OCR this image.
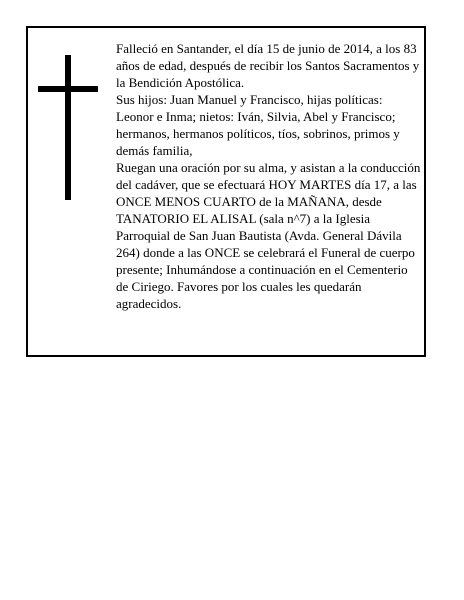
Falleció en Santander, el día 15 de junio de 2014, a los 83 años de edad, después de recibir los Santos Sacramentos y la Bendición Apostólica.

Sus hijos: Juan Manuel y Francisco, hijas políticas: Leonor e Inma; nietos: Iván, Silvia, Abel y Francisco; hermanos, hermanos políticos, tíos, sobrinos, primos y demás familia,

Ruegan una oración por su alma, y asistan a la conducción del cadáver, que se efectuará HOY MARTES día 17, a las ONCE MENOS CUARTO de la MAÑANA, desde TANATORIO EL ALISAL (sala n^7) a la Iglesia Parroquial de San Juan Bautista (Avda. General Dávila 264) donde a las ONCE se celebrará el Funeral de cuerpo presente; Inhumándose a continuación en el Cementerio de Ciriego. Favores por los cuales les quedarán agradecidos.
